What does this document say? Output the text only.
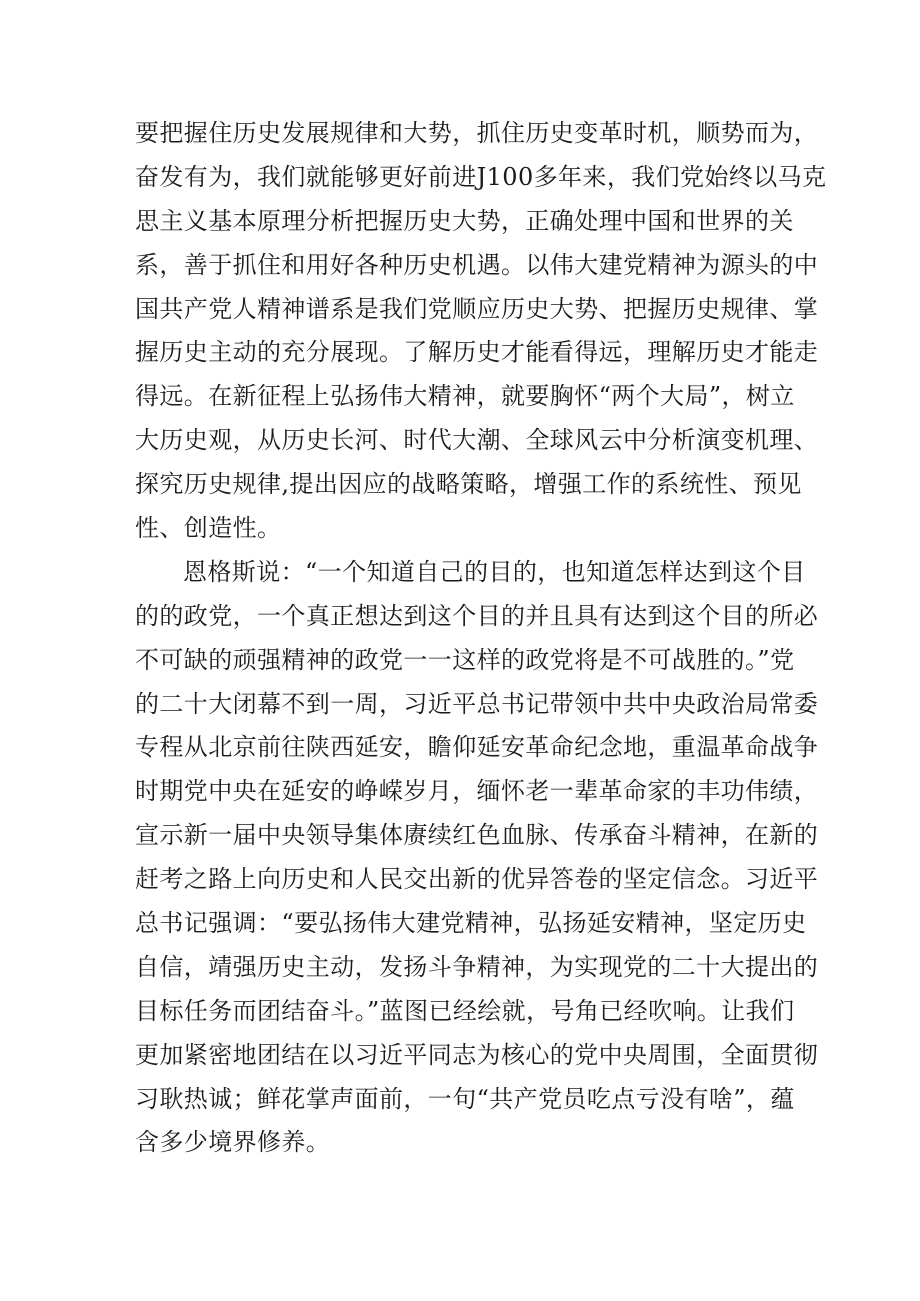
要把握住历史发展规律和大势，抓住历史变革时机，顺势而为，
奋发有为，我们就能够更好前进J100多年来，我们党始终以马克
思主义基本原理分析把握历史大势，正确处理中国和世界的关
系，善于抓住和用好各种历史机遇。以伟大建党精神为源头的中
国共产党人精神谱系是我们党顺应历史大势、把握历史规律、掌
握历史主动的充分展现。了解历史才能看得远，理解历史才能走
得远。在新征程上弘扬伟大精神，就要胸怀“两个大局”，树立
大历史观，从历史长河、时代大潮、全球风云中分析演变机理、
探究历史规律,提出因应的战略策略，增强工作的系统性、预见
性、创造性。
恩格斯说：“一个知道自己的目的，也知道怎样达到这个目
的的政党，一个真正想达到这个目的并且具有达到这个目的所必
不可缺的顽强精神的政党一一这样的政党将是不可战胜的。”党
的二十大闭幕不到一周，习近平总书记带领中共中央政治局常委
专程从北京前往陕西延安，瞻仰延安革命纪念地，重温革命战争
时期党中央在延安的峥嵘岁月，缅怀老一辈革命家的丰功伟绩，
宣示新一届中央领导集体赓续红色血脉、传承奋斗精神，在新的
赶考之路上向历史和人民交出新的优异答卷的坚定信念。习近平
总书记强调：“要弘扬伟大建党精神，弘扬延安精神，坚定历史
自信，靖强历史主动，发扬斗争精神，为实现党的二十大提出的
目标任务而团结奋斗。”蓝图已经绘就，号角已经吹响。让我们
更加紧密地团结在以习近平同志为核心的党中央周围，全面贯彻
习耿热诚；鲜花掌声面前，一句“共产党员吃点亏没有啥”，蕴
含多少境界修养。
